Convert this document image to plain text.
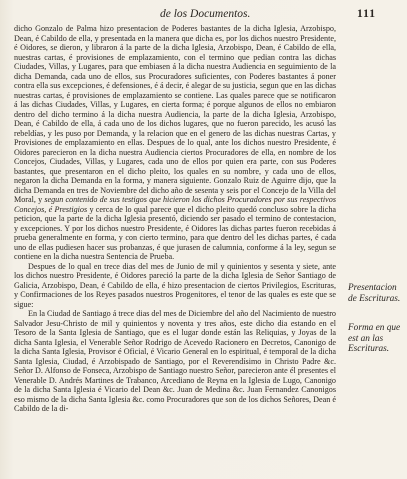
de los Documentos.	111

dicho Gonzalo de Palma hizo presentacion de Poderes bastantes de la dicha Iglesia, Arzobispo, Dean, é Cabildo de ella, y presentada en la manera que dicha es, por los dichos nuestro Presidente, é Oidores, se dieron, y libraron á la parte de la dicha Iglesia, Arzobispo, Dean, é Cabildo de ella, nuestras cartas, é provisiones de emplazamiento, con el termino que pedian contra las dichas Ciudades, Villas, y Lugares, para que embiasen á la dicha nuestra Audiencia en seguimiento de la dicha Demanda, cada uno de ellos, sus Procuradores suficientes, con Poderes bastantes á poner contra ella sus excepciones, é defensiones, é á decir, é alegar de su justicia, segun que en las dichas nuestras cartas, é provisiones de emplazamiento se contiene. Las quales parece que se notificaron á las dichas Ciudades, Villas, y Lugares, en cierta forma; é porque algunos de ellos no embiaron dentro del dicho termino á la dicha nuestra Audiencia, la parte de la dicha Iglesia, Arzobispo, Dean, é Cabildo de ella, á cada uno de los dichos lugares, que no fueron parecido, les acusó las rebeldías, y les puso por Demanda, y la relacion que en el genero de las dichas nuestras Cartas, y Provisiones de emplazamiento en ellas. Despues de lo qual, ante los dichos nuestro Presidente, é Oidores parecieron en la dicha nuestra Audiencia ciertos Procuradores de ella, en nombre de los Concejos, Ciudades, Villas, y Lugares, cada uno de ellos por quien era parte, con sus Poderes bastantes, que presentaron en el dicho pleito, los quales en su nombre, y cada uno de ellos, negaron la dicha Demanda en la forma, y manera siguiente. Gonzalo Ruiz de Aguirre dijo, que la dicha Demanda en tres de Noviembre del dicho año de sesenta y seis por el Concejo de la Villa del Moral, y segun contenido de sus testigos que hicieron los dichos Procuradores por sus respectivos Concejos, é Prestigios y cerca de lo qual parece que el dicho pleito quedó concluso sobre la dicha peticion, que la parte de la dicha Iglesia presentó, diciendo ser pasado el termino de contestacion, y excepciones. Y por los dichos nuestro Presidente, é Oidores las dichas partes fueron recebidas á prueba generalmente en forma, y con cierto termino, para que dentro del les dichas partes, é cada uno de ellas pudiesen hacer sus probanzas, é que jurasen de calumnia, conforme á la ley, segun se contiene en la dicha nuestra Sentencia de Prueba.

Despues de lo qual en trece dias del mes de Junio de mil y quinientos y sesenta y siete, ante los dichos nuestro Presidente, é Oidores pareció la parte de la dicha Iglesia de Señor Santiago de Galicia, Arzobispo, Dean, é Cabildo de ella, é hizo presentacion de ciertos Privilegios, Escrituras, y Confirmaciones de los Reyes pasados nuestros Progenitores, el tenor de las quales es este que se sigue:

En la Ciudad de Santiago á trece dias del mes de Diciembre del año del Nacimiento de nuestro Salvador Jesu-Christo de mil y quinientos y noventa y tres años, este dicho dia estando en el Tesoro de la Santa Iglesia de Santiago, que es el lugar donde están las Reliquias, y Joyas de la dicha Santa Iglesia, el Venerable Señor Rodrigo de Acevedo Racionero en Decretos, Canonigo de la dicha Santa Iglesia, Provisor é Oficial, é Vicario General en lo espiritual, é temporal de la dicha Santa Iglesia, Ciudad, é Arzobispado de Santiago, por el Reverendísimo in Christo Padre &c. Señor D. Alfonso de Fonseca, Arzobispo de Santiago nuestro Señor, parecieron ante él presentes el Venerable D. Andrés Martines de Trabanco, Arcediano de Reyna en la Iglesia de Lugo, Canonigo de la dicha Santa Iglesia é Vicario del Dean &c. Juan de Medina &c. Juan Fernandez Canonigos eso mismo de la dicha Santa Iglesia &c. como Procuradores que son de los dichos Señores, Dean é Cabildo de la di-

Presentacion de Escrituras.
Forma en que est an las Escrituras.
